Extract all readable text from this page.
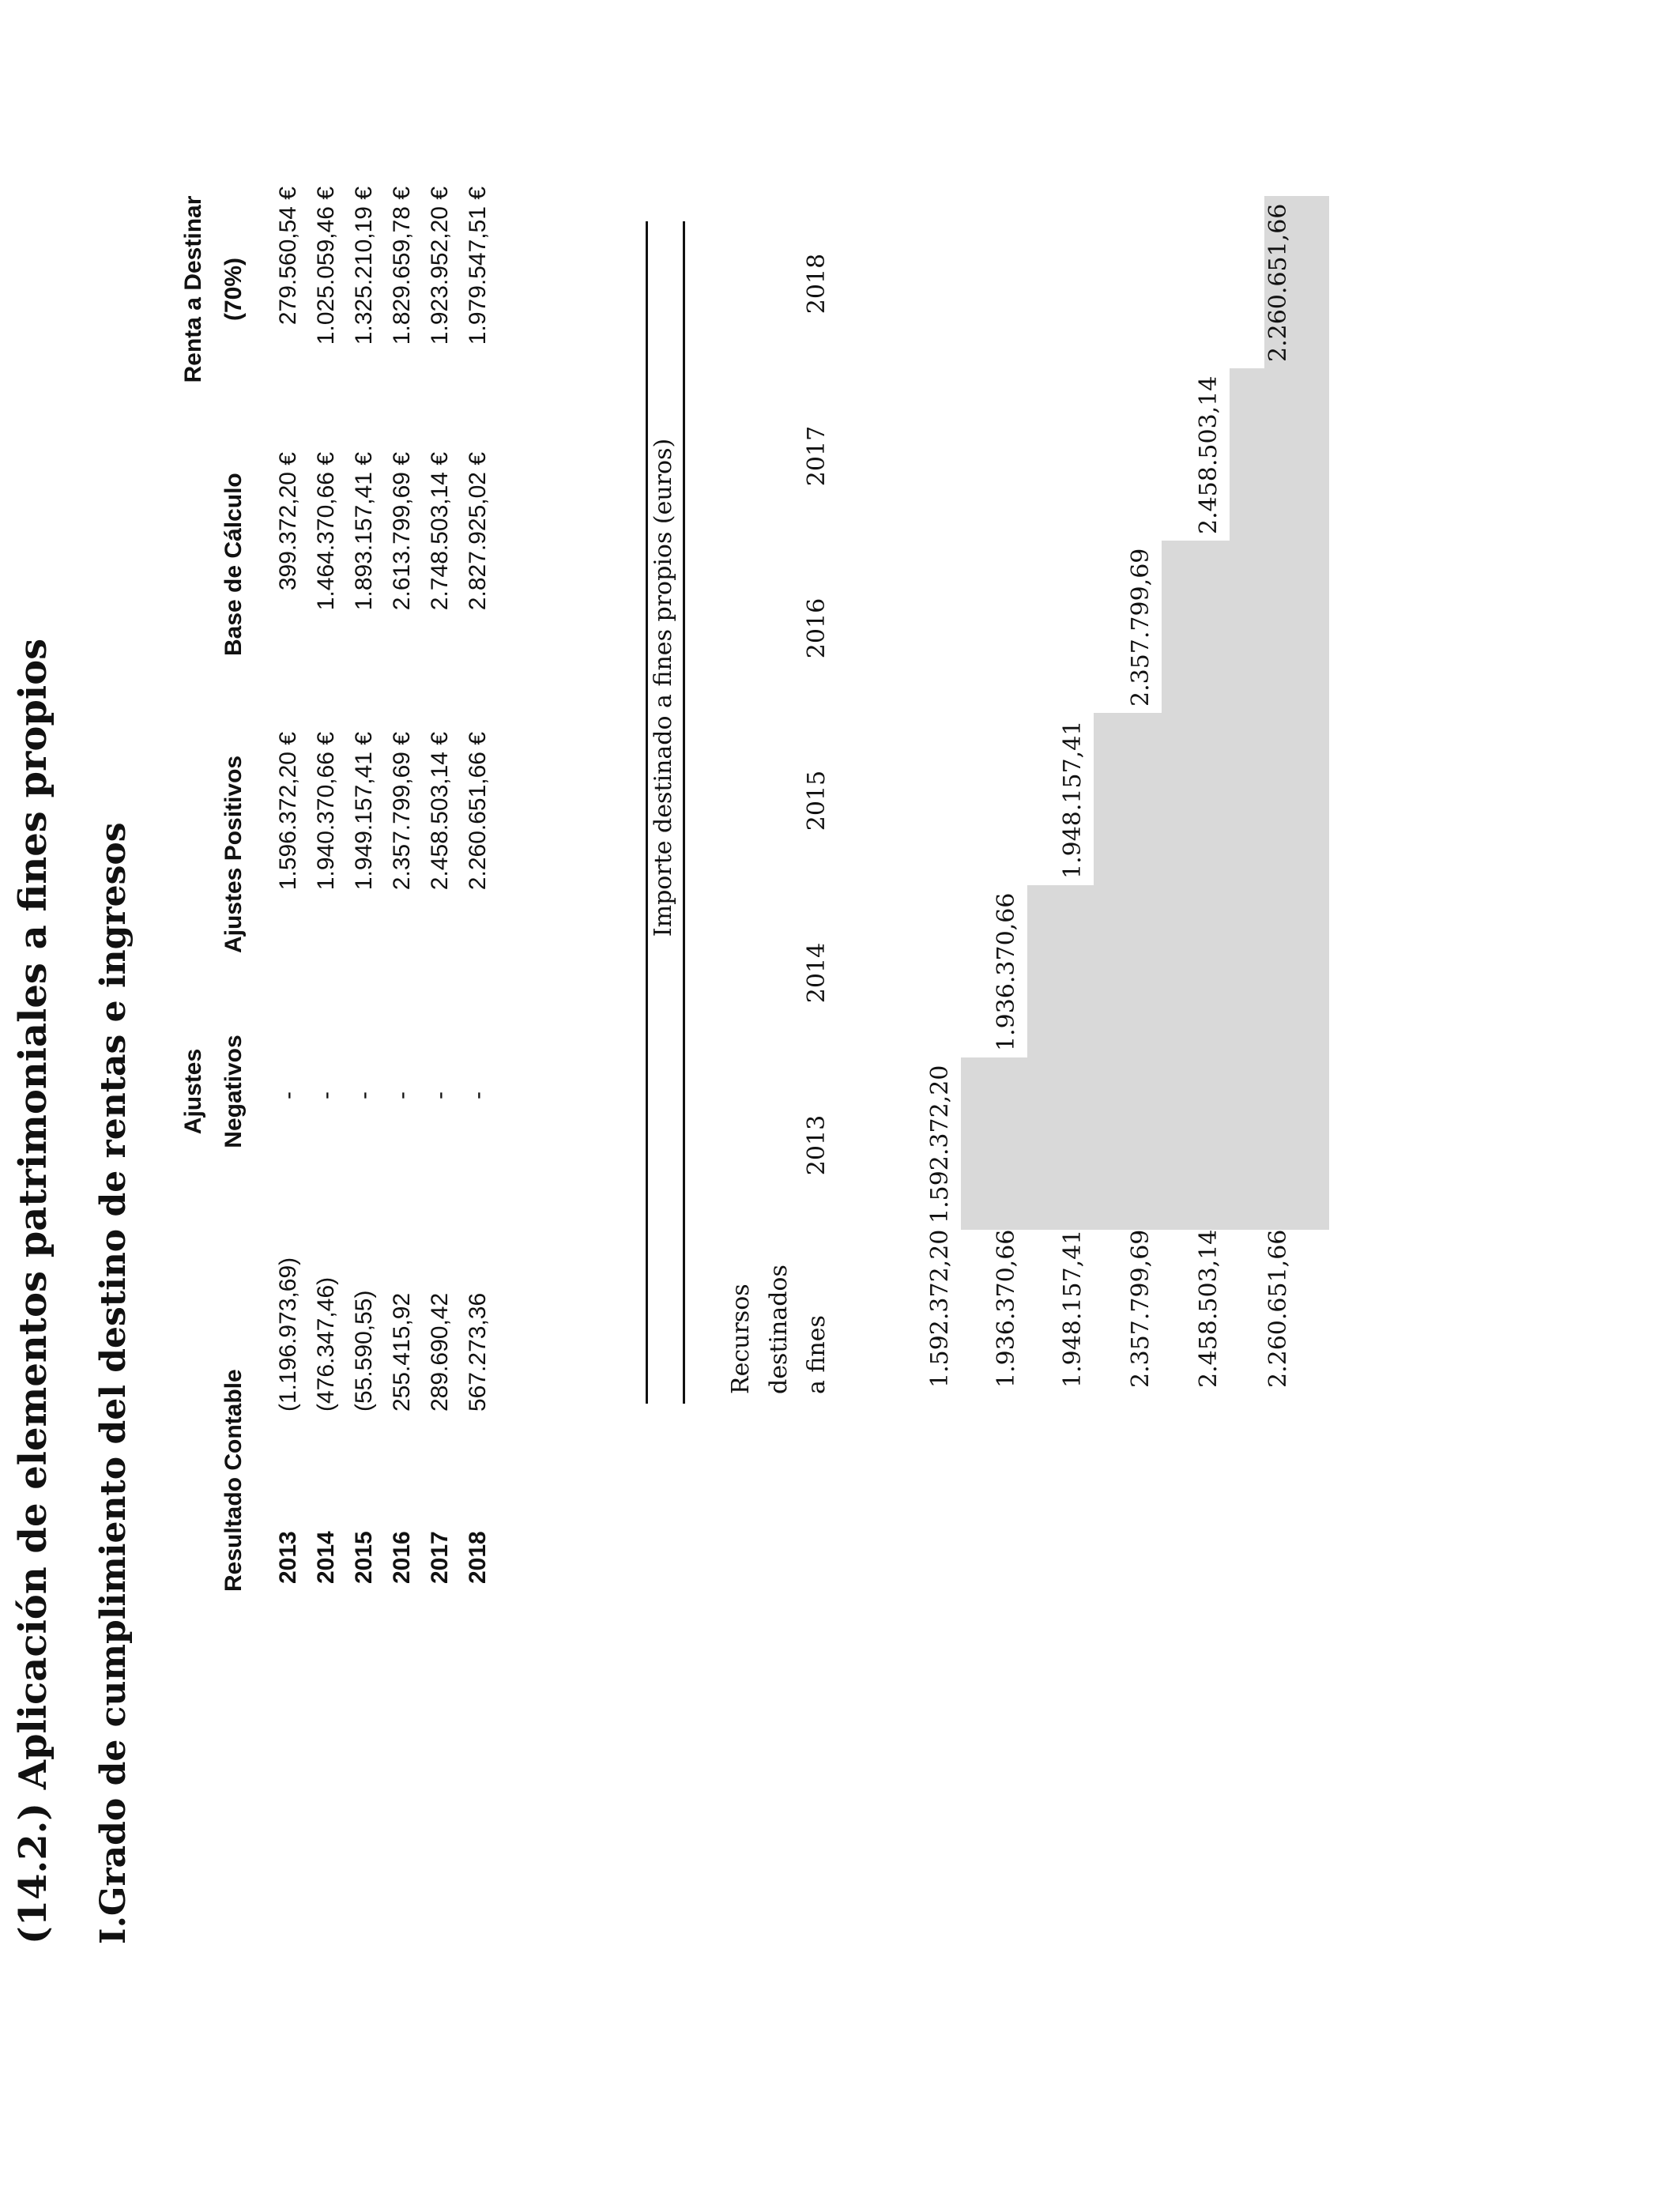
(14.2.) Aplicación de elementos patrimoniales a fines propios I.Grado de cumplimiento del destino de rentas e ingresos	Resultado Contable
Ajustes Negativos
Ajustes Positivos
Base de Cálculo
Renta a Destinar (70%)
2013
(1.196.973,69)
-
1.596.372,20 €
399.372,20 €
279.560,54 €
2014
(476.347,46)
-
1.940.370,66 €
1.464.370,66 €
1.025.059,46 €
2015
(55.590,55)
-
1.949.157,41 €
1.893.157,41 €
1.325.210,19 €
2016
255.415,92
-
2.357.799,69 €
2.613.799,69 €
1.829.659,78 €
2017
289.690,42
-
2.458.503,14 €
2.748.503,14 €
1.923.952,20 €
2018
567.273,36
-
2.260.651,66 €
2.827.925,02 €
1.979.547,51 €
Importe destinado a fines propios (euros)
Recursos destinados a fines
2013
2014
2015
2016
2017
2018
1.592.372,20 1.936.370,66 1.948.157,41 2.357.799,69 2.458.503,14 2.260.651,66
1.592.372,20
1.936.370,66
1.948.157,41
2.357.799,69
2.458.503,14
2.260.651,66
